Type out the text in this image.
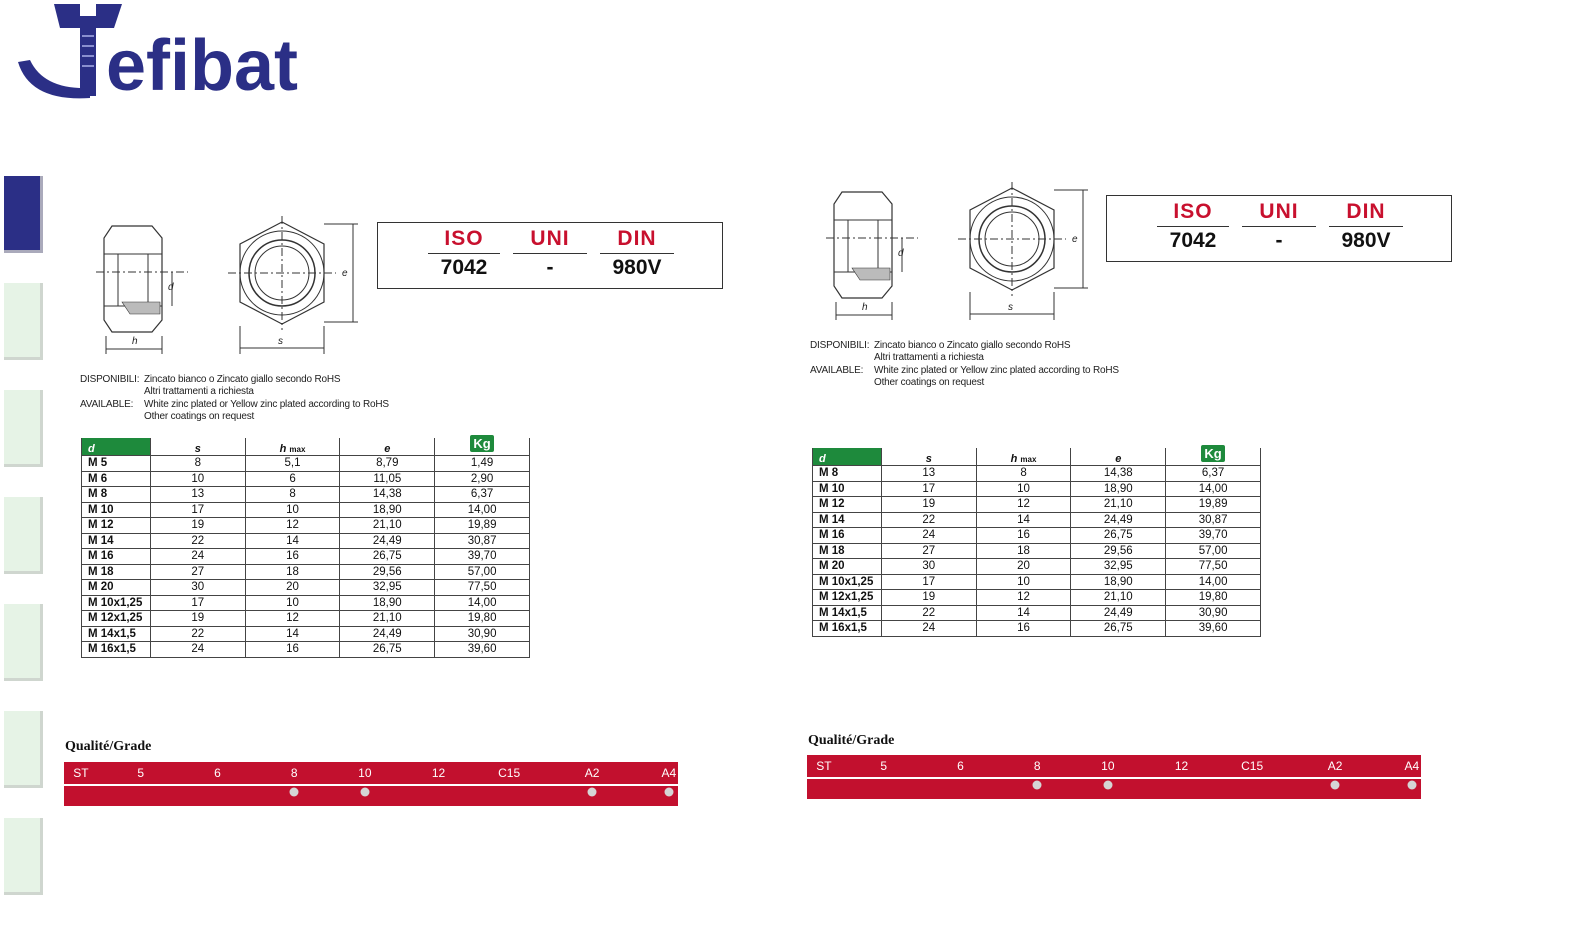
efibat
h
d
s
e
ISO
7042
UNI
-
DIN
980V
DISPONIBILI: Zincato bianco o Zincato giallo secondo RoHS
Altri trattamenti a richiesta
AVAILABLE:	White zinc plated or Yellow zinc plated according to RoHS
Other coatings on request
d	s	h max	e	Kg
M 5	8	5,1	8,79	1,49
M 6	10	6	11,05	2,90
M 8	13	8	14,38	6,37
M 10	17	10	18,90	14,00
M 12	19	12	21,10	19,89
M 14	22	14	24,49	30,87
M 16	24	16	26,75	39,70
M 18	27	18	29,56	57,00
M 20	30	20	32,95	77,50
M 10x1,25	17	10	18,90	14,00
M 12x1,25	19	12	21,10	19,80
M 14x1,5	22	14	24,49	30,90
M 16x1,5	24	16	26,75	39,60
Qualité/Grade
ST	5	6	8	10	12	C15	A2	A4
h
d
s
e
ISO
7042
UNI
-
DIN
980V
DISPONIBILI: Zincato bianco o Zincato giallo secondo RoHS
Altri trattamenti a richiesta
AVAILABLE:	White zinc plated or Yellow zinc plated according to RoHS
Other coatings on request
d	s	h max	e	Kg
M 8	13	8	14,38	6,37
M 10	17	10	18,90	14,00
M 12	19	12	21,10	19,89
M 14	22	14	24,49	30,87
M 16	24	16	26,75	39,70
M 18	27	18	29,56	57,00
M 20	30	20	32,95	77,50
M 10x1,25	17	10	18,90	14,00
M 12x1,25	19	12	21,10	19,80
M 14x1,5	22	14	24,49	30,90
M 16x1,5	24	16	26,75	39,60
Qualité/Grade
ST	5	6	8	10	12	C15	A2	A4
